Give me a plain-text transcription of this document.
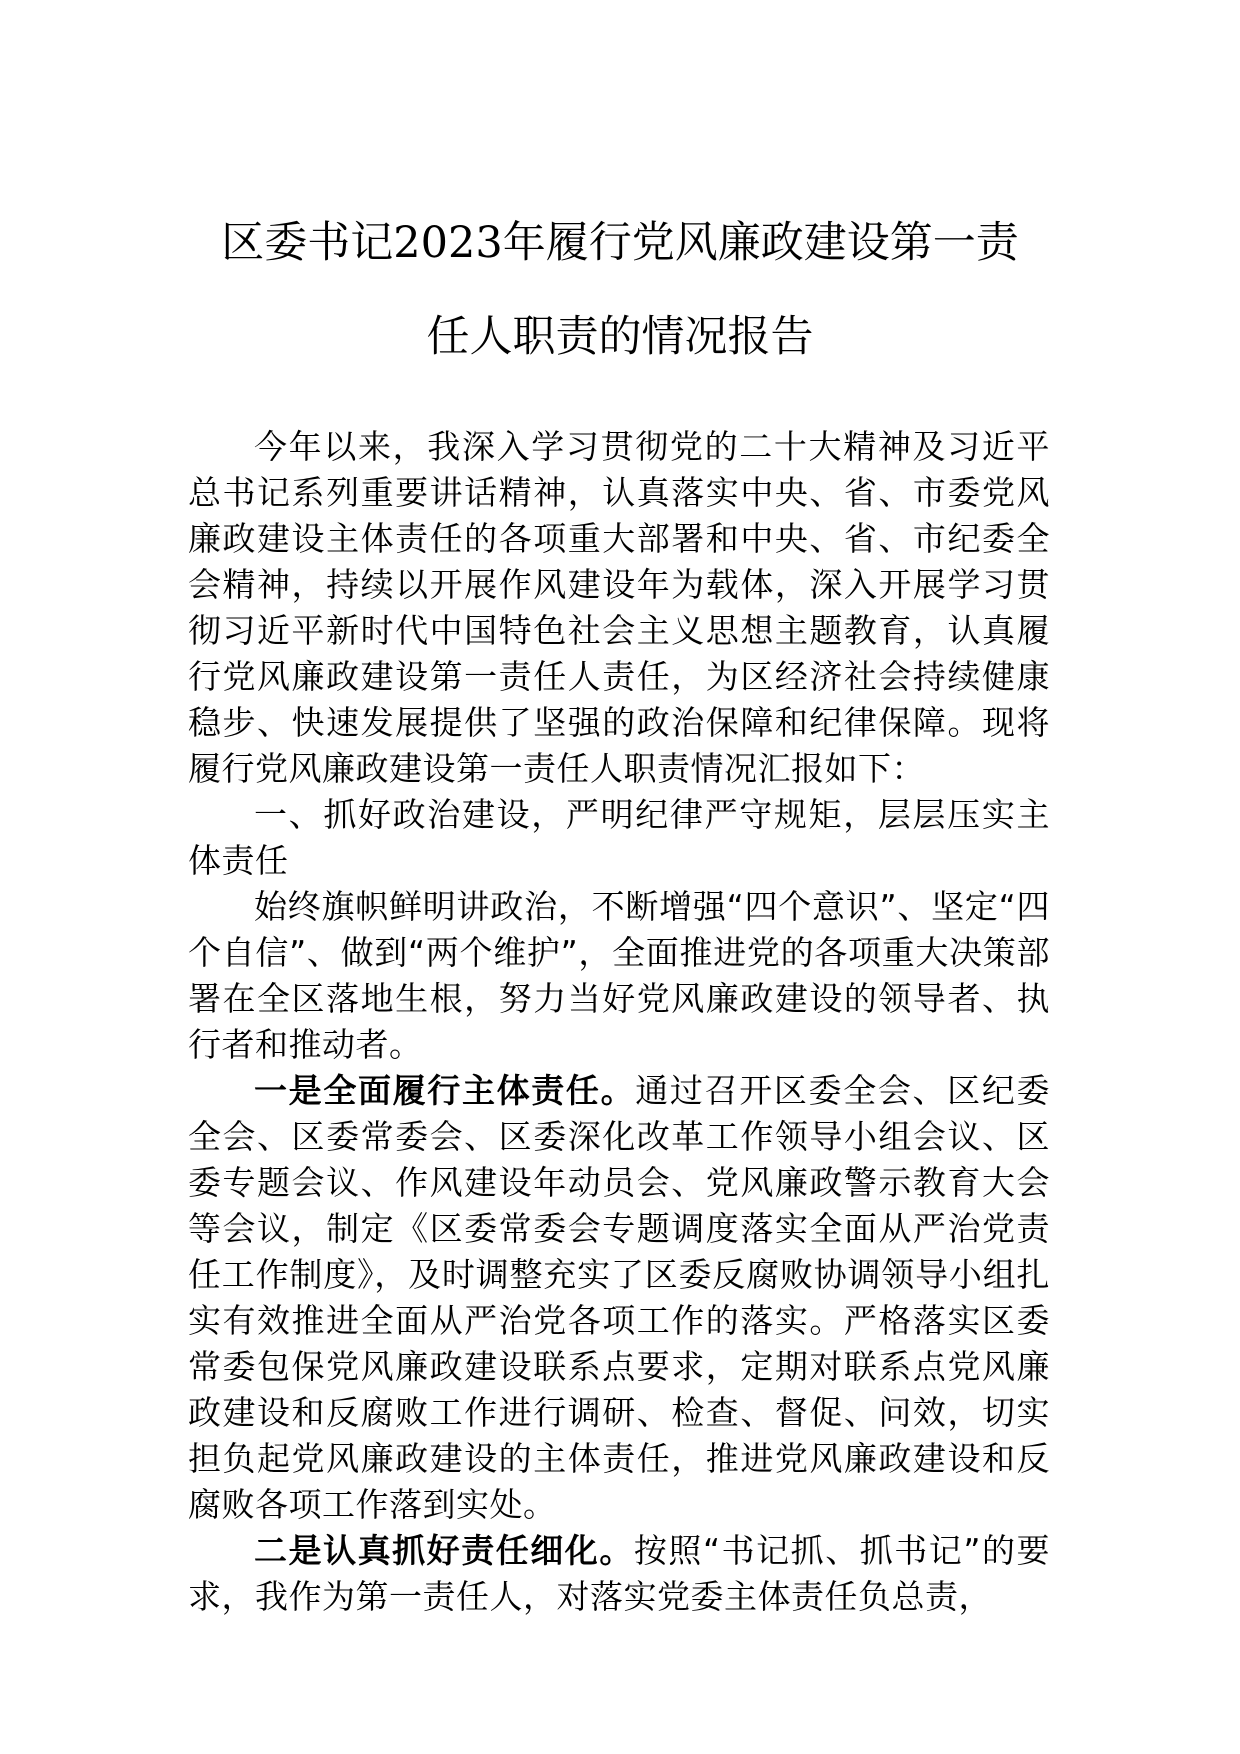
区委书记2023年履行党风廉政建设第一责
任人职责的情况报告

今年以来，我深入学习贯彻党的二十大精神及习近平总书记系列重要讲话精神，认真落实中央、省、市委党风廉政建设主体责任的各项重大部署和中央、省、市纪委全会精神，持续以开展作风建设年为载体，深入开展学习贯彻习近平新时代中国特色社会主义思想主题教育，认真履行党风廉政建设第一责任人责任，为区经济社会持续健康稳步、快速发展提供了坚强的政治保障和纪律保障。现将履行党风廉政建设第一责任人职责情况汇报如下：

一、抓好政治建设，严明纪律严守规矩，层层压实主体责任

始终旗帜鲜明讲政治，不断增强“四个意识”、坚定“四个自信”、做到“两个维护”，全面推进党的各项重大决策部署在全区落地生根，努力当好党风廉政建设的领导者、执行者和推动者。

一是全面履行主体责任。通过召开区委全会、区纪委全会、区委常委会、区委深化改革工作领导小组会议、区委专题会议、作风建设年动员会、党风廉政警示教育大会等会议，制定《区委常委会专题调度落实全面从严治党责任工作制度》，及时调整充实了区委反腐败协调领导小组扎实有效推进全面从严治党各项工作的落实。严格落实区委常委包保党风廉政建设联系点要求，定期对联系点党风廉政建设和反腐败工作进行调研、检查、督促、问效，切实担负起党风廉政建设的主体责任，推进党风廉政建设和反腐败各项工作落到实处。

二是认真抓好责任细化。按照“书记抓、抓书记”的要求，我作为第一责任人，对落实党委主体责任负总责，
